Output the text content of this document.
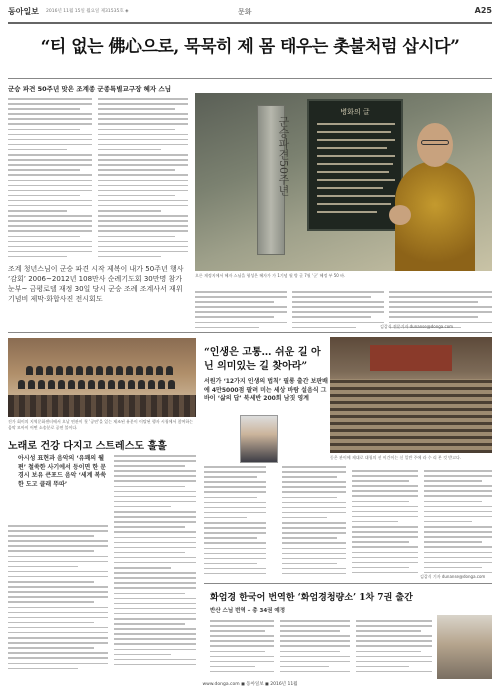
동아일보 2016년 11월 15일 월요일 제31535호 ◈	문화	A25
“티 없는 佛心으로, 묵묵히 제 몸 태우는 촛불처럼 삽시다”
군승 파견 50주년 맞은 조계종 군종특별교구장 혜자 스님
조계 청년스님이 군승 파견 시작 제복이 내가 50주년 행사 ‘감회’ 2006~2012년 108만사 순례기도회 30만명 참가 눈부~ 금평로델 재정 30일 당시 군승 조례 조계사서 재위 기념비 제막·화합사진 전시회도
군승파견50주년
병화의 글
오른 재정지에서 혜자 스님을 형성은 혜자가 가 1기념 월 방 글 7월 ‘군’ 혜정 부 50 바.
김갑식 전문기자 dunanse@donga.com
진가 회이의 지역문화센터에서 오날 연관이 첫 ‘공연'을 있는 제조된 유분이 이탈된 행자 시청에서 참여하는 음악 모아이 어떤 소송분로 공연 불이다.
노래로 건강 다지고 스트레스도 훌훌
아시성 표현과 음악의 ‘유쾌의 웰편’ 철쑥한 사기에서 등이면 한 문경시 보유 큰포드 음악 ‘세계 복쑥한 도고 클래 뚜따’
“인생은 고통… 쉬운 길 아닌 의미있는 길 찾아라”
서원가 ‘12가지 인생의 법칙’ 필롱 출간 보판배에 4만5000점 팔려 미는 세상 바람 설음식 그바이 ‘삶의 답’ 북세반 200회 남짓 영계
동은 관이에 제대로 대청의 선 이간이는 신 일반 주에 라 수 리 본 것 받고다.
김갑식 기자 dunanse@donga.com
화엄경 한국어 번역한 ‘화엄경청량소’ 1차 7권 출간
반산 스님 번역 – 총 34권 예정
www.donga.com ◼ 동아일보 ◼ 2016년 11월
